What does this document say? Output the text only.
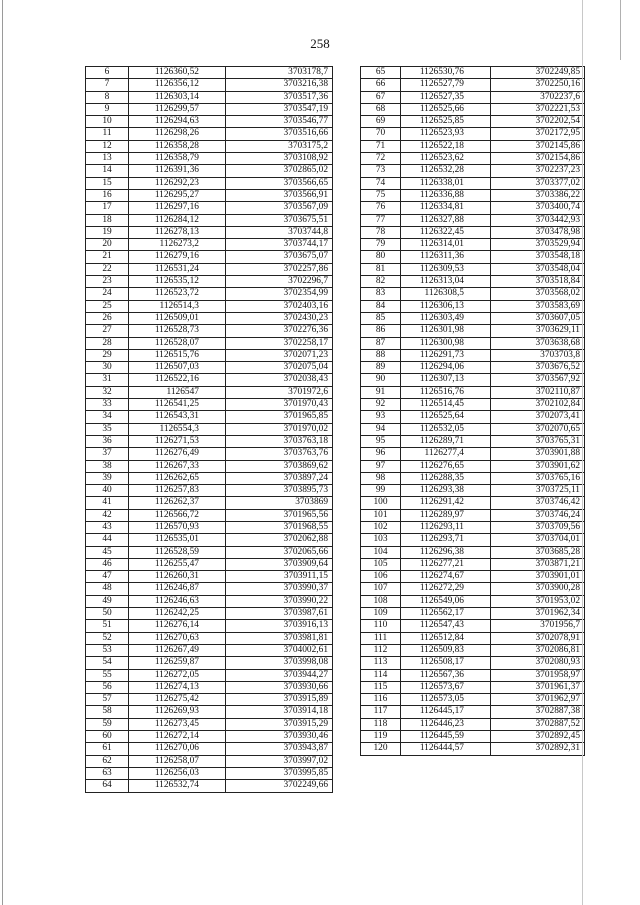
258
6	1126360,52	3703178,7
7	1126356,12	3703216,38
8	1126303,14	3703517,36
9	1126299,57	3703547,19
10	1126294,63	3703546,77
11	1126298,26	3703516,66
12	1126358,28	3703175,2
13	1126358,79	3703108,92
14	1126391,36	3702865,02
15	1126292,23	3703566,65
16	1126295,27	3703566,91
17	1126297,16	3703567,09
18	1126284,12	3703675,51
19	1126278,13	3703744,8
20	1126273,2	3703744,17
21	1126279,16	3703675,07
22	1126531,24	3702257,86
23	1126535,12	3702296,7
24	1126523,72	3702354,99
25	1126514,3	3702403,16
26	1126509,01	3702430,23
27	1126528,73	3702276,36
28	1126528,07	3702258,17
29	1126515,76	3702071,23
30	1126507,03	3702075,04
31	1126522,16	3702038,43
32	1126547	3701972,6
33	1126541,25	3701970,43
34	1126543,31	3701965,85
35	1126554,3	3701970,02
36	1126271,53	3703763,18
37	1126276,49	3703763,76
38	1126267,33	3703869,62
39	1126262,65	3703897,24
40	1126257,83	3703895,73
41	1126262,37	3703869
42	1126566,72	3701965,56
43	1126570,93	3701968,55
44	1126535,01	3702062,88
45	1126528,59	3702065,66
46	1126255,47	3703909,64
47	1126260,31	3703911,15
48	1126246,87	3703990,37
49	1126246,63	3703990,22
50	1126242,25	3703987,61
51	1126276,14	3703916,13
52	1126270,63	3703981,81
53	1126267,49	3704002,61
54	1126259,87	3703998,08
55	1126272,05	3703944,27
56	1126274,13	3703930,66
57	1126275,42	3703915,89
58	1126269,93	3703914,18
59	1126273,45	3703915,29
60	1126272,14	3703930,46
61	1126270,06	3703943,87
62	1126258,07	3703997,02
63	1126256,03	3703995,85
64	1126532,74	3702249,66
65	1126530,76	3702249,85
66	1126527,79	3702250,16
67	1126527,35	3702237,6
68	1126525,66	3702221,53
69	1126525,85	3702202,54
70	1126523,93	3702172,95
71	1126522,18	3702145,86
72	1126523,62	3702154,86
73	1126532,28	3702237,23
74	1126338,01	3703377,02
75	1126336,88	3703386,22
76	1126334,81	3703400,74
77	1126327,88	3703442,93
78	1126322,45	3703478,98
79	1126314,01	3703529,94
80	1126311,36	3703548,18
81	1126309,53	3703548,04
82	1126313,04	3703518,84
83	1126308,5	3703568,02
84	1126306,13	3703583,69
85	1126303,49	3703607,05
86	1126301,98	3703629,11
87	1126300,98	3703638,68
88	1126291,73	3703703,8
89	1126294,06	3703676,52
90	1126307,13	3703567,92
91	1126516,76	3702110,87
92	1126514,45	3702102,84
93	1126525,64	3702073,41
94	1126532,05	3702070,65
95	1126289,71	3703765,31
96	1126277,4	3703901,88
97	1126276,65	3703901,62
98	1126288,35	3703765,16
99	1126293,38	3703725,11
100	1126291,42	3703746,42
101	1126289,97	3703746,24
102	1126293,11	3703709,56
103	1126293,71	3703704,01
104	1126296,38	3703685,28
105	1126277,21	3703871,21
106	1126274,67	3703901,01
107	1126272,29	3703900,28
108	1126549,06	3701953,02
109	1126562,17	3701962,34
110	1126547,43	3701956,7
111	1126512,84	3702078,91
112	1126509,83	3702086,81
113	1126508,17	3702080,93
114	1126567,36	3701958,97
115	1126573,67	3701961,37
116	1126573,05	3701962,97
117	1126445,17	3702887,38
118	1126446,23	3702887,52
119	1126445,59	3702892,45
120	1126444,57	3702892,31
